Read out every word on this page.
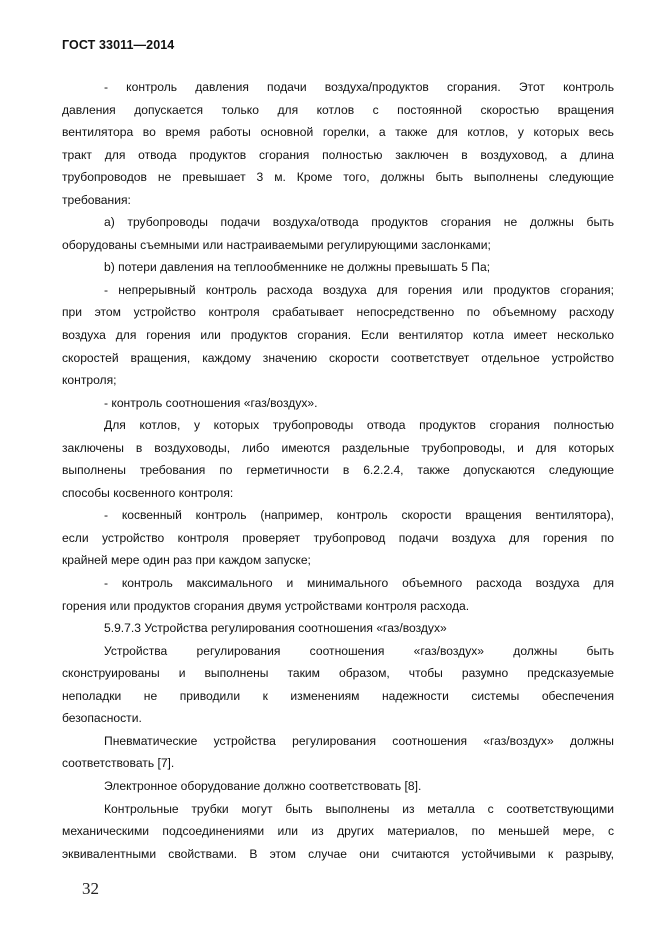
ГОСТ 33011—2014

- контроль давления подачи воздуха/продуктов сгорания. Этот контроль

давления допускается только для котлов с постоянной скоростью вращения

вентилятора во время работы основной горелки, а также для котлов, у которых весь

тракт для отвода продуктов сгорания полностью заключен в воздуховод, а длина

трубопроводов не превышает 3 м. Кроме того, должны быть выполнены следующие

требования:

а) трубопроводы подачи воздуха/отвода продуктов сгорания не должны быть

оборудованы съемными или настраиваемыми регулирующими заслонками;

b) потери давления на теплообменнике не должны превышать 5 Па;

- непрерывный контроль расхода воздуха для горения или продуктов сгорания;

при этом устройство контроля срабатывает непосредственно по объемному расходу

воздуха для горения или продуктов сгорания. Если вентилятор котла имеет несколько

скоростей вращения, каждому значению скорости соответствует отдельное устройство

контроля;

- контроль соотношения «газ/воздух».

Для котлов, у которых трубопроводы отвода продуктов сгорания полностью

заключены в воздуховоды, либо имеются раздельные трубопроводы, и для которых

выполнены требования по герметичности в 6.2.2.4, также допускаются следующие

способы косвенного контроля:

- косвенный контроль (например, контроль скорости вращения вентилятора),

если устройство контроля проверяет трубопровод подачи воздуха для горения по

крайней мере один раз при каждом запуске;

- контроль максимального и минимального объемного расхода воздуха для

горения или продуктов сгорания двумя устройствами контроля расхода.

5.9.7.3 Устройства регулирования соотношения «газ/воздух»

Устройства регулирования соотношения «газ/воздух» должны быть

сконструированы и выполнены таким образом, чтобы разумно предсказуемые

неполадки не приводили к изменениям надежности системы обеспечения

безопасности.

Пневматические устройства регулирования соотношения «газ/воздух» должны

соответствовать [7].

Электронное оборудование должно соответствовать [8].

Контрольные трубки могут быть выполнены из металла с соответствующими

механическими подсоединениями или из других материалов, по меньшей мере, с

эквивалентными свойствами. В этом случае они считаются устойчивыми к разрыву,

32
